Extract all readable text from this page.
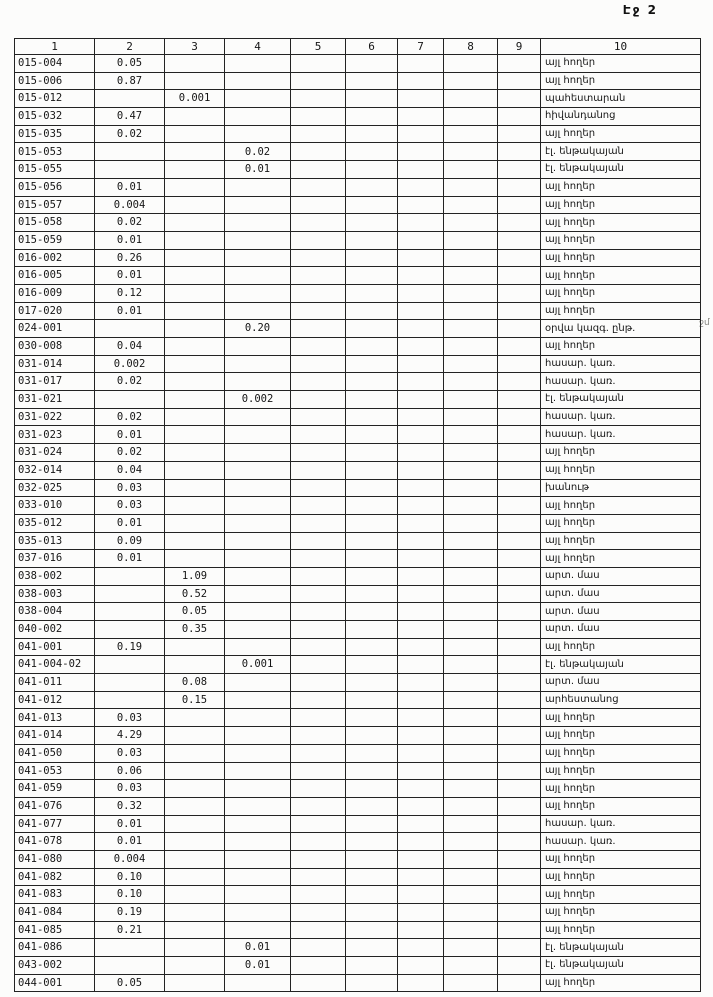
Էջ 2
ջմ
1	2	3	4	5	6	7	8	9	10
015-004	0.05								այլ հողեր
015-006	0.87								այլ հողեր
015-012		0.001							պահեստարան
015-032	0.47								հիվանդանոց
015-035	0.02								այլ հողեր
015-053			0.02						էլ. ենթակայան
015-055			0.01						էլ. ենթակայան
015-056	0.01								այլ հողեր
015-057	0.004								այլ հողեր
015-058	0.02								այլ հողեր
015-059	0.01								այլ հողեր
016-002	0.26								այլ հողեր
016-005	0.01								այլ հողեր
016-009	0.12								այլ հողեր
017-020	0.01								այլ հողեր
024-001			0.20						օրվա կազգ. ընթ.
030-008	0.04								այլ հողեր
031-014	0.002								հասար. կառ.
031-017	0.02								հասար. կառ.
031-021			0.002						էլ. ենթակայան
031-022	0.02								հասար. կառ.
031-023	0.01								հասար. կառ.
031-024	0.02								այլ հողեր
032-014	0.04								այլ հողեր
032-025	0.03								խանութ
033-010	0.03								այլ հողեր
035-012	0.01								այլ հողեր
035-013	0.09								այլ հողեր
037-016	0.01								այլ հողեր
038-002		1.09							արտ. մաս
038-003		0.52							արտ. մաս
038-004		0.05							արտ. մաս
040-002		0.35							արտ. մաս
041-001	0.19								այլ հողեր
041-004-02			0.001						էլ. ենթակայան
041-011		0.08							արտ. մաս
041-012		0.15							արհեստանոց
041-013	0.03								այլ հողեր
041-014	4.29								այլ հողեր
041-050	0.03								այլ հողեր
041-053	0.06								այլ հողեր
041-059	0.03								այլ հողեր
041-076	0.32								այլ հողեր
041-077	0.01								հասար. կառ.
041-078	0.01								հասար. կառ.
041-080	0.004								այլ հողեր
041-082	0.10								այլ հողեր
041-083	0.10								այլ հողեր
041-084	0.19								այլ հողեր
041-085	0.21								այլ հողեր
041-086			0.01						էլ. ենթակայան
043-002			0.01						էլ. ենթակայան
044-001	0.05								այլ հողեր
